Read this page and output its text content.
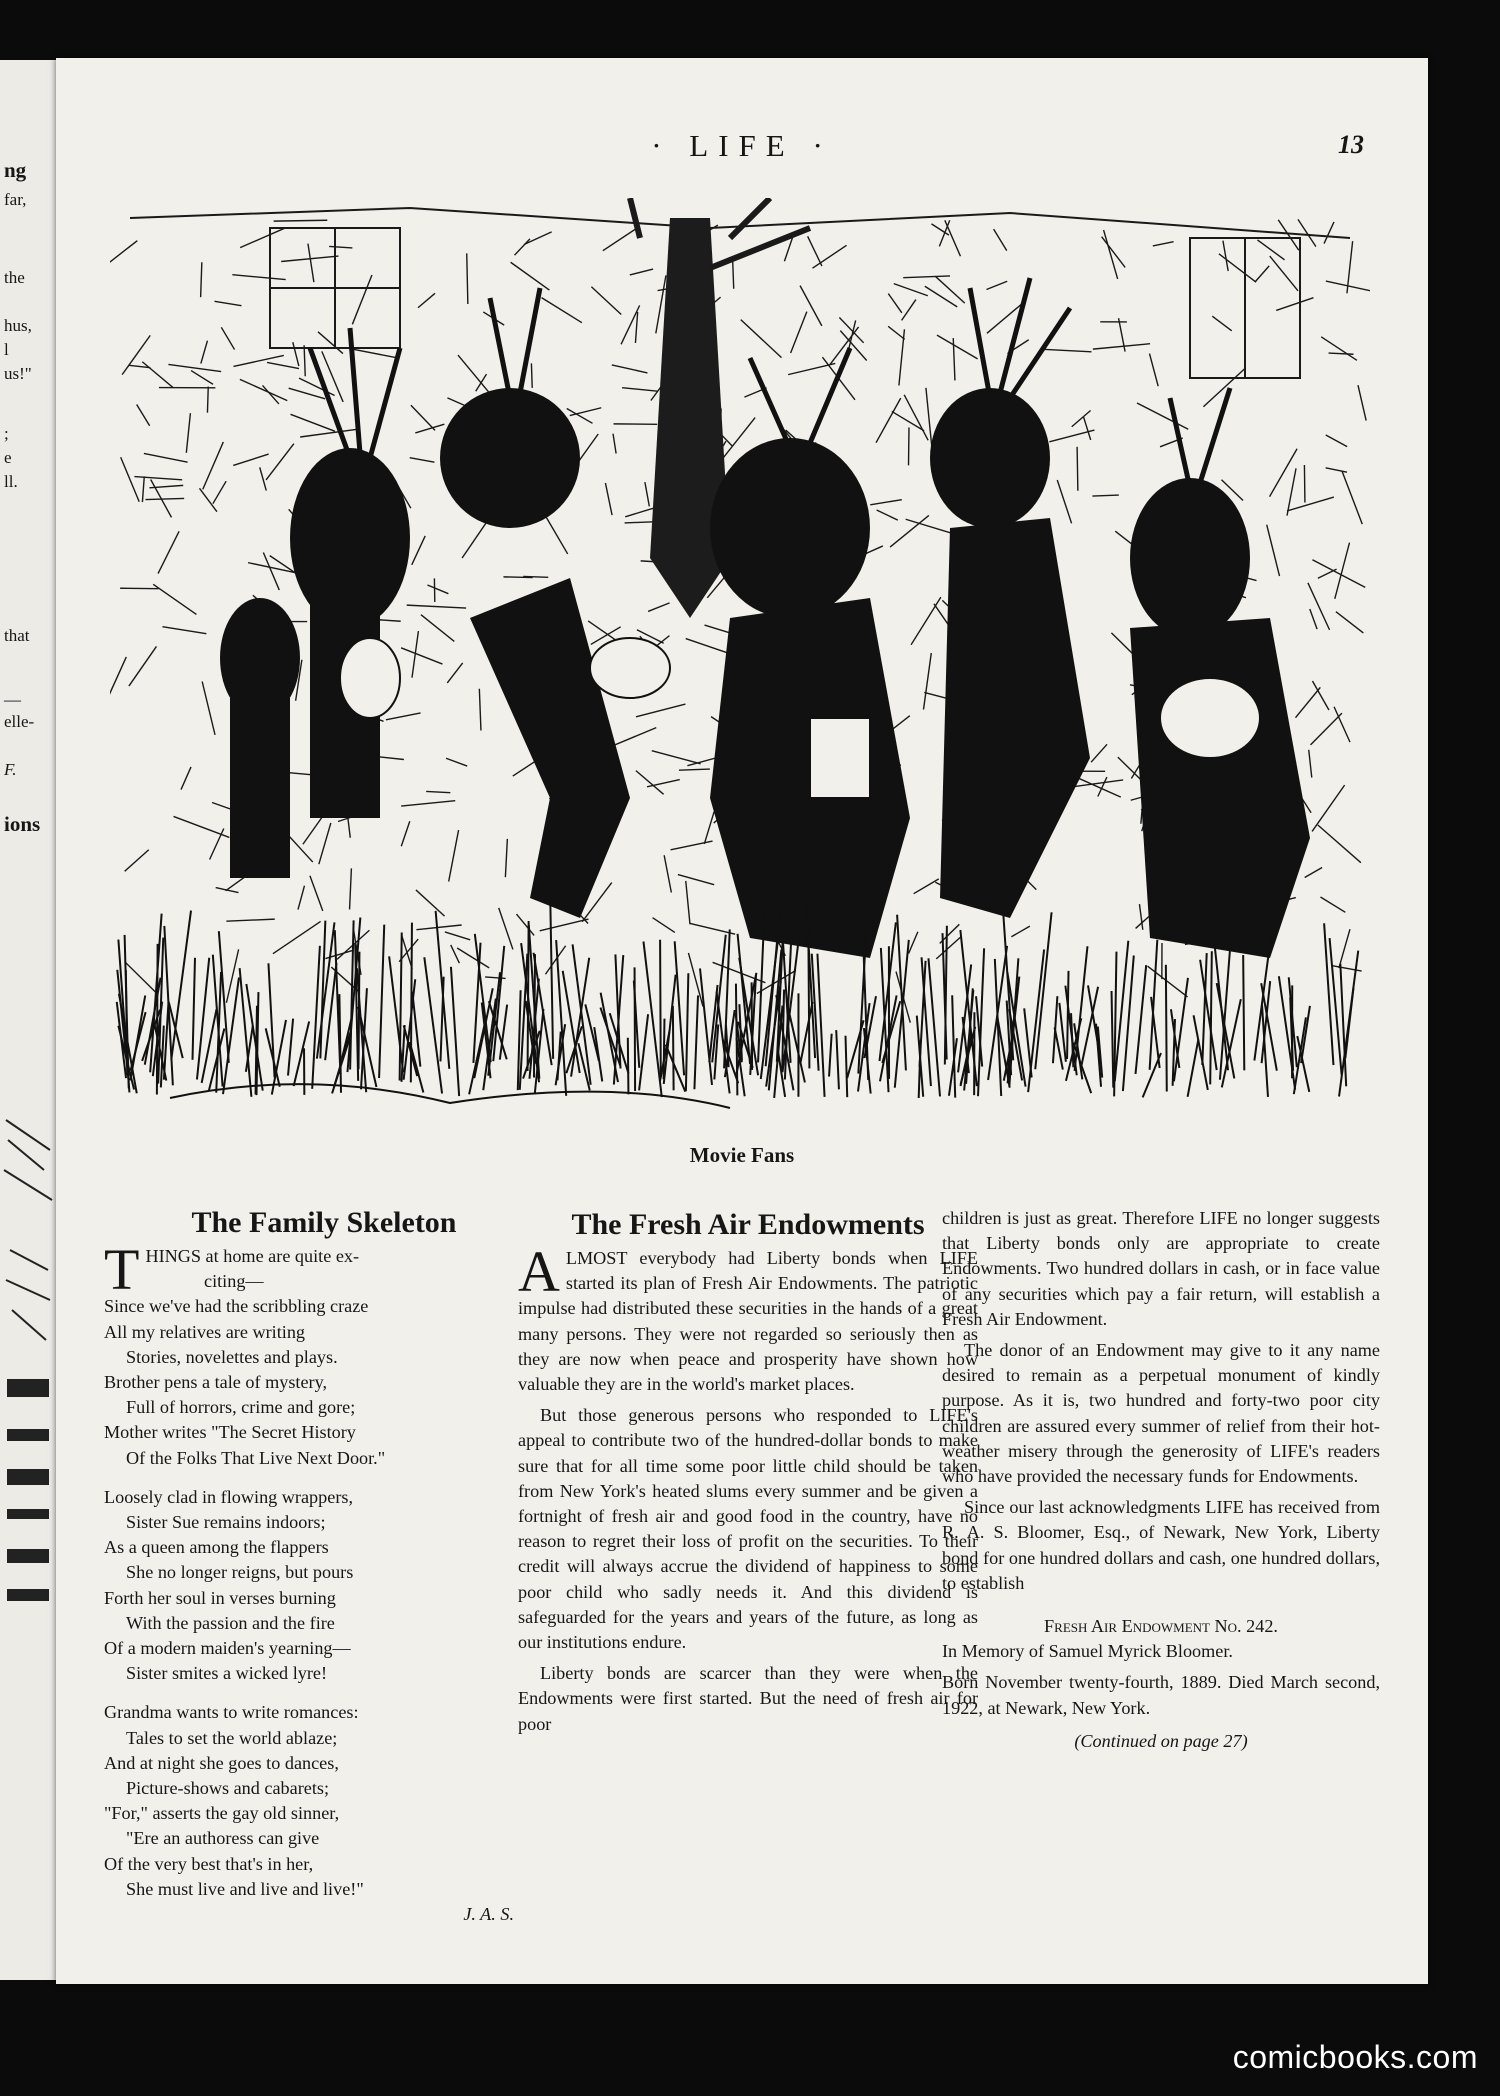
ng
far,
the
hus,
l
us!"
;
e
ll.
that
—
elle-
F.
ions
· LIFE ·	13
Movie Fans
The Family Skeleton
T HINGS at home are quite ex-
citing—
Since we've had the scribbling craze
All my relatives are writing
Stories, novelettes and plays.
Brother pens a tale of mystery,
Full of horrors, crime and gore;
Mother writes "The Secret History
Of the Folks That Live Next Door."
Loosely clad in flowing wrappers,
Sister Sue remains indoors;
As a queen among the flappers
She no longer reigns, but pours
Forth her soul in verses burning
With the passion and the fire
Of a modern maiden's yearning—
Sister smites a wicked lyre!
Grandma wants to write romances:
Tales to set the world ablaze;
And at night she goes to dances,
Picture-shows and cabarets;
"For," asserts the gay old sinner,
"Ere an authoress can give
Of the very best that's in her,
She must live and live and live!"
J. A. S.
The Fresh Air Endowments

ALMOST everybody had Liberty bonds when LIFE started its plan of Fresh Air Endowments. The patriotic impulse had distributed these securities in the hands of a great many persons. They were not regarded so seriously then as they are now when peace and prosperity have shown how valuable they are in the world's market places.

But those generous persons who responded to LIFE's appeal to contribute two of the hundred-dollar bonds to make sure that for all time some poor little child should be taken from New York's heated slums every summer and be given a fortnight of fresh air and good food in the country, have no reason to regret their loss of profit on the securities. To their credit will always accrue the dividend of happiness to some poor child who sadly needs it. And this dividend is safeguarded for the years and years of the future, as long as our institutions endure.

Liberty bonds are scarcer than they were when the Endowments were first started. But the need of fresh air for poor

children is just as great. Therefore LIFE no longer suggests that Liberty bonds only are appropriate to create Endowments. Two hundred dollars in cash, or in face value of any securities which pay a fair return, will establish a Fresh Air Endowment.

The donor of an Endowment may give to it any name desired to remain as a perpetual monument of kindly purpose. As it is, two hundred and forty-two poor city children are assured every summer of relief from their hot-weather misery through the generosity of LIFE's readers who have provided the necessary funds for Endowments.

Since our last acknowledgments LIFE has received from R. A. S. Bloomer, Esq., of Newark, New York, Liberty bond for one hundred dollars and cash, one hundred dollars, to establish

Fresh Air Endowment No. 242.

In Memory of Samuel Myrick Bloomer.

Born November twenty-fourth, 1889. Died March second, 1922, at Newark, New York.

(Continued on page 27)
comicbooks.com
